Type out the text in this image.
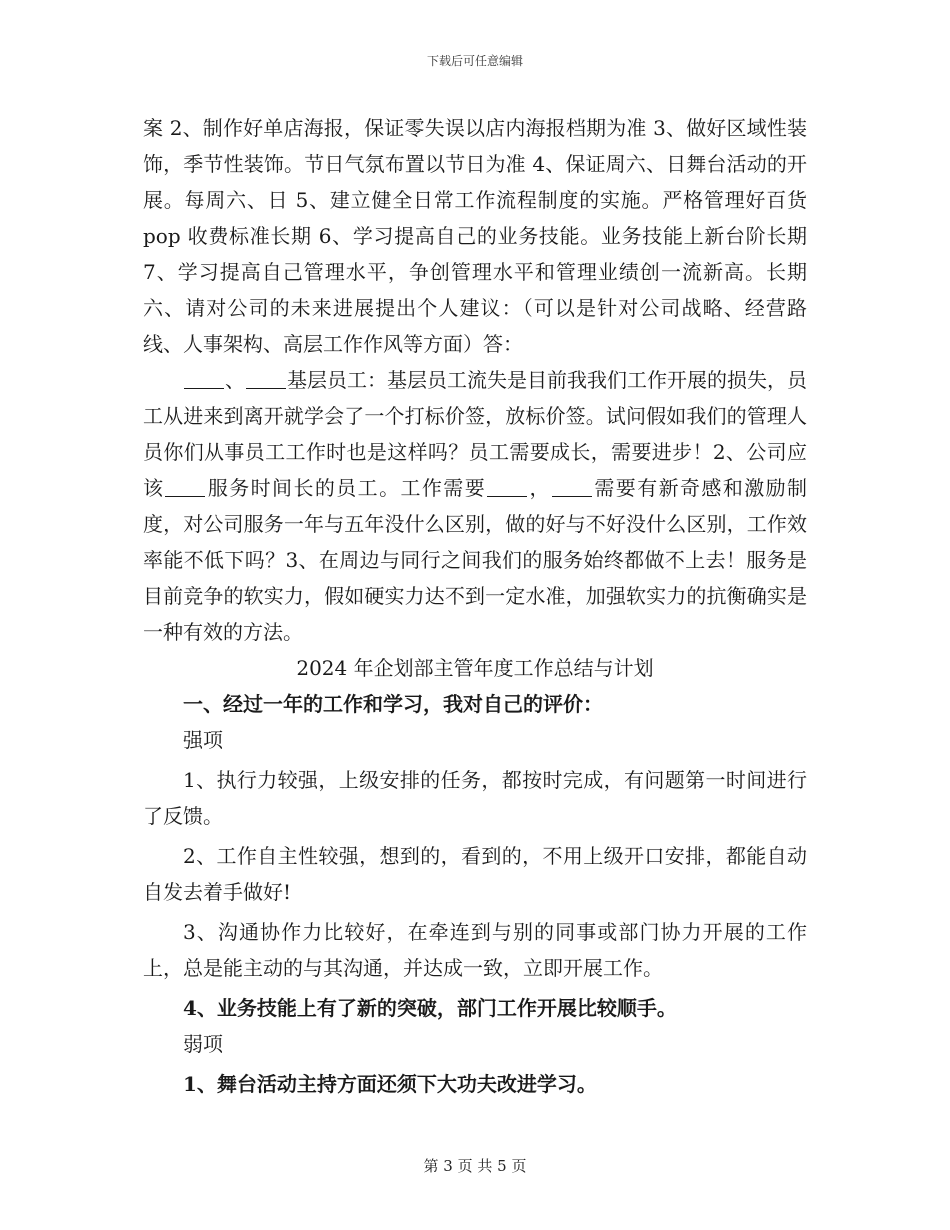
下载后可任意编辑

案 2、制作好单店海报，保证零失误以店内海报档期为准 3、做好区域性装饰，季节性装饰。节日气氛布置以节日为准 4、保证周六、日舞台活动的开展。每周六、日 5、建立健全日常工作流程制度的实施。严格管理好百货 pop 收费标准长期 6、学习提高自己的业务技能。业务技能上新台阶长期 7、学习提高自己管理水平，争创管理水平和管理业绩创一流新高。长期六、请对公司的未来进展提出个人建议：（可以是针对公司战略、经营路线、人事架构、高层工作作风等方面）答：

、 基层员工：基层员工流失是目前我我们工作开展的损失，员工从进来到离开就学会了一个打标价签，放标价签。试问假如我们的管理人员你们从事员工工作时也是这样吗？员工需要成长，需要进步！2、公司应该 服务时间长的员工。工作需要 ， 需要有新奇感和激励制度，对公司服务一年与五年没什么区别，做的好与不好没什么区别，工作效率能不低下吗？3、在周边与同行之间我们的服务始终都做不上去！服务是目前竞争的软实力，假如硬实力达不到一定水准，加强软实力的抗衡确实是一种有效的方法。

2024 年企划部主管年度工作总结与计划

一、经过一年的工作和学习，我对自己的评价：

强项

1、执行力较强，上级安排的任务，都按时完成，有问题第一时间进行了反馈。

2、工作自主性较强，想到的，看到的，不用上级开口安排，都能自动自发去着手做好!

3、沟通协作力比较好，在牵连到与别的同事或部门协力开展的工作上，总是能主动的与其沟通，并达成一致，立即开展工作。

4、业务技能上有了新的突破，部门工作开展比较顺手。

弱项

1、舞台活动主持方面还须下大功夫改进学习。

第 3 页 共 5 页
